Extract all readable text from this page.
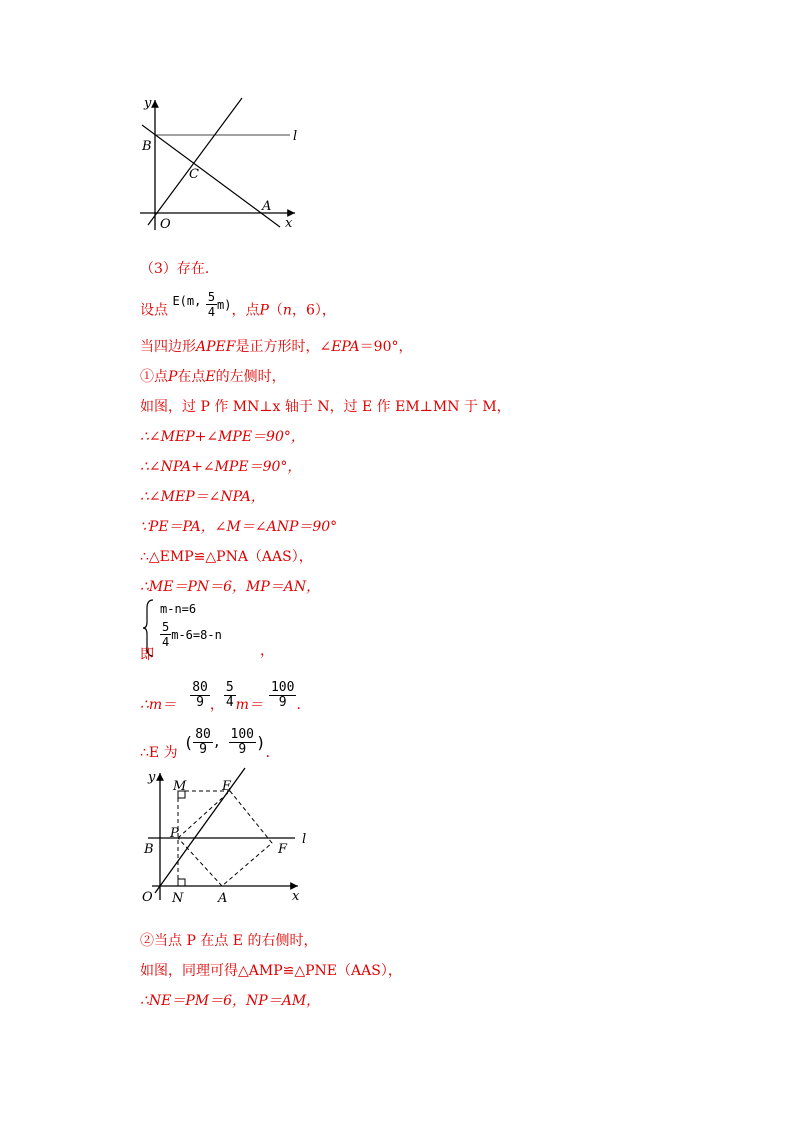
y
l
B
C
O
A
x
（3）存在．
设点 E(m, $\frac{5}{4} m$)，点P（n，6），
当四边形APEF是正方形时，∠EPA＝90°，
①点P在点E的左侧时，
如图，过 P 作 MN⊥x 轴于 N，过 E 作 EM⊥MN 于 M，
∴∠MEP+∠MPE＝90°，
∴∠NPA+∠MPE＝90°，
∴∠MEP＝∠NPA，
∵PE＝PA，∠M＝∠ANP＝90°
∴△EMP≌△PNA（AAS），
∴ME＝PN＝6，MP＝AN，
m-n=6
$\frac{5}{4} m-6=8-n$
即	，
∴m＝ $\frac{80}{9}$ ， $\frac{5}{4} m= \frac{100}{9}$ ．
∴E 为
( $\frac{80}{9}$ , $\frac{100}{9}$ )
．
y
M	E
P	l
B	F
O N	A	x
②当点 P 在点 E 的右侧时，
如图，同理可得△AMP≌△PNE（AAS），
∴NE＝PM＝6，NP＝AM，
